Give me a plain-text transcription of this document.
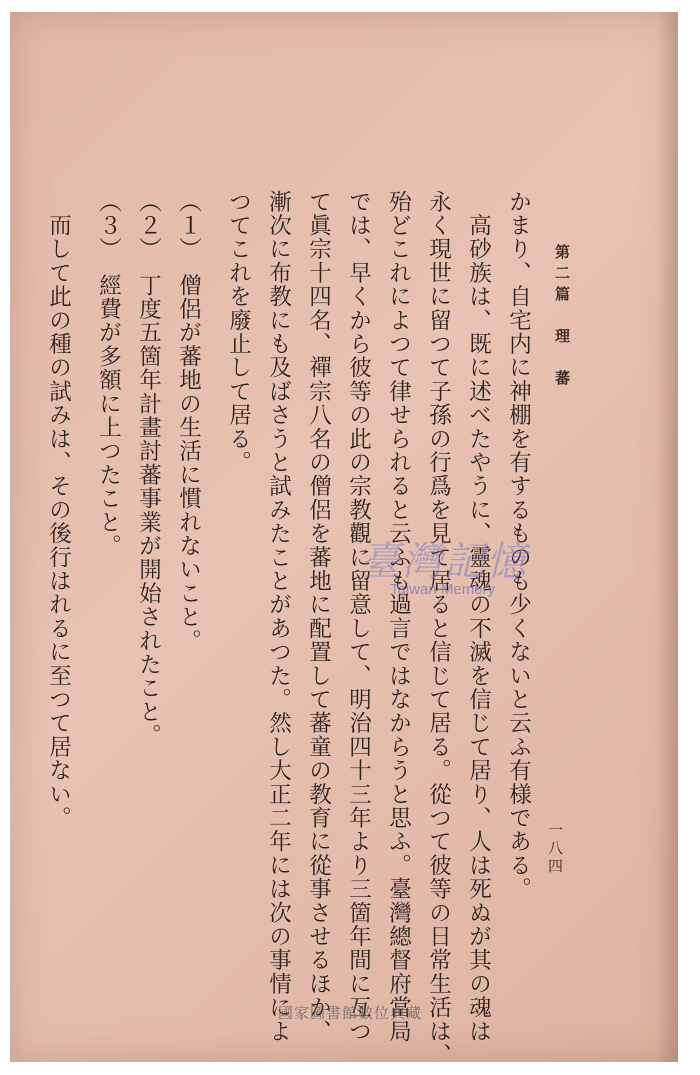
第二篇　理　蕃
一八四
かまり、自宅内に神棚を有するものも少くないと云ふ有様である。
　高砂族は、既に述べたやうに、靈魂の不滅を信じて居り、人は死ぬが其の魂は
永く現世に留つて子孫の行爲を見て居ると信じて居る。從つて彼等の日常生活は、
殆どこれによつて律せられると云ふも過言ではなからうと思ふ。臺灣總督府當局
では、早くから彼等の此の宗教觀に留意して、明治四十三年より三箇年間に亙つ
て眞宗十四名、禪宗八名の僧侶を蕃地に配置して蕃童の教育に從事させるほか、
漸次に布教にも及ばさうと試みたことがあつた。然し大正二年には次の事情によ
つてこれを廢止して居る。
（１）　僧侶が蕃地の生活に慣れないこと。
（２）　丁度五箇年計畫討蕃事業が開始されたこと。
（３）　經費が多額に上つたこと。
　而して此の種の試みは、その後行はれるに至つて居ない。	臺灣記憶
Taiwan Memory
國家圖書館數位典藏
